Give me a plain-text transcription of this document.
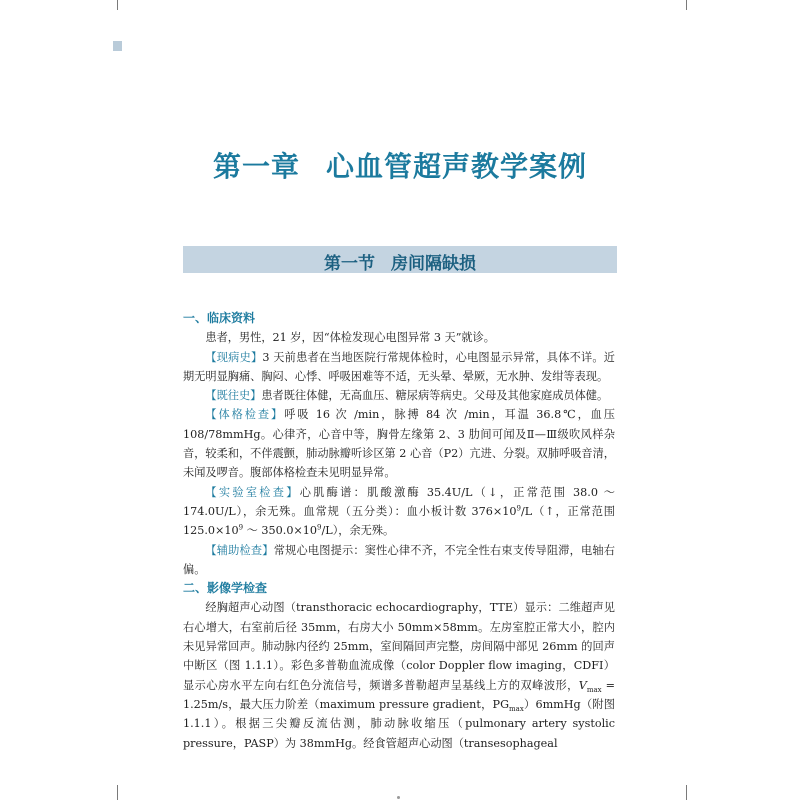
第一章 心血管超声教学案例
第一节 房间隔缺损

一、临床资料

患者，男性，21 岁，因“体检发现心电图异常 3 天”就诊。

【现病史】3 天前患者在当地医院行常规体检时，心电图显示异常，具体不详。近期无明显胸痛、胸闷、心悸、呼吸困难等不适，无头晕、晕厥，无水肿、发绀等表现。

【既往史】患者既往体健，无高血压、糖尿病等病史。父母及其他家庭成员体健。

【体格检查】呼吸 16 次 /min，脉搏 84 次 /min，耳温 36.8℃，血压 108/78mmHg。心律齐，心音中等，胸骨左缘第 2、3 肋间可闻及Ⅱ—Ⅲ级吹风样杂音，较柔和，不伴震颤，肺动脉瓣听诊区第 2 心音（P2）亢进、分裂。双肺呼吸音清，未闻及啰音。腹部体格检查未见明显异常。

【实验室检查】心肌酶谱：肌酸激酶 35.4U/L（↓，正常范围 38.0 ～ 174.0U/L），余无殊。血常规（五分类）：血小板计数 $376\times 10^9/L(↑$，正常范围 $125.0\times 10^9$ ～ $350.0\times 10^9/L$），余无殊。

【辅助检查】常规心电图提示：窦性心律不齐，不完全性右束支传导阻滞，电轴右偏。

二、影像学检查

经胸超声心动图（transthoracic echocardiography，TTE）显示：二维超声见右心增大，右室前后径 35mm，右房大小 50mm×58mm。左房室腔正常大小，腔内未见异常回声。肺动脉内径约 25mm，室间隔回声完整，房间隔中部见 26mm 的回声中断区（图 1.1.1）。彩色多普勒血流成像（color Doppler flow imaging，CDFI）显示心房水平左向右红色分流信号，频谱多普勒超声呈基线上方的双峰波形，$V_{max} = 1.25m/s$，最大压力阶差（maximum pressure gradient，$PG_{max})6mmHg$（附图 1.1.1）。根据三尖瓣反流估测，肺动脉收缩压（pulmonary artery systolic pressure，PASP）为 38mmHg。经食管超声心动图（transesophageal
